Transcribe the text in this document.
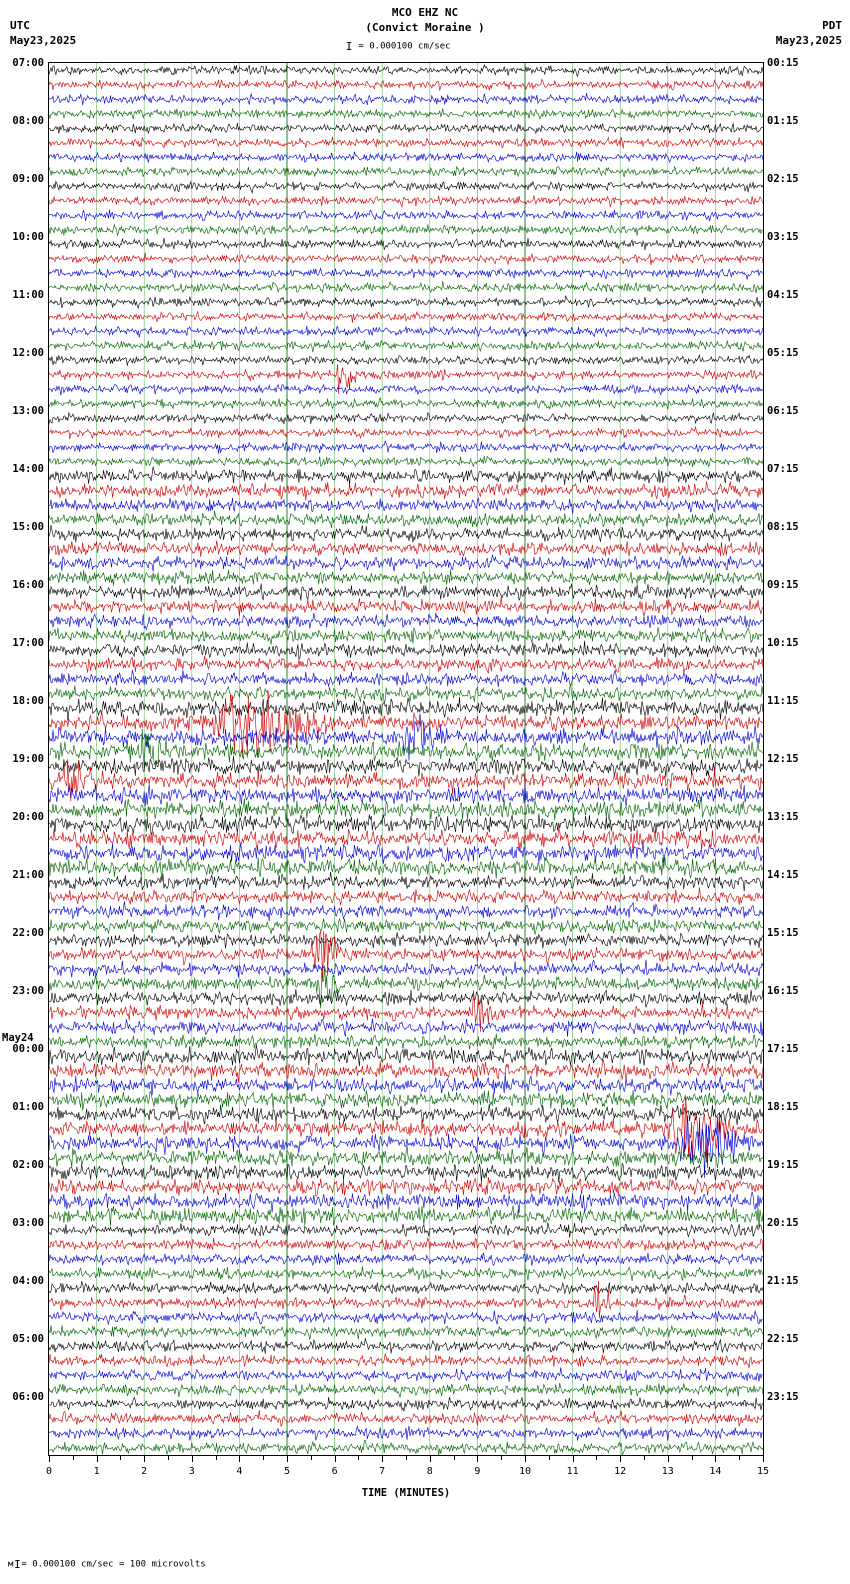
UTC
May23,2025
MCO EHZ NC
(Convict Moraine )
I = 0.000100 cm/sec
PDT
May23,2025
07:00
08:00
09:00
10:00
11:00
12:00
13:00
14:00
15:00
16:00
17:00
18:00
19:00
20:00
21:00
22:00
23:00
00:00
01:00
02:00
03:00
04:00
05:00
06:00
May24
00:15
01:15
02:15
03:15
04:15
05:15
06:15
07:15
08:15
09:15
10:15
11:15
12:15
13:15
14:15
15:15
16:15
17:15
18:15
19:15
20:15
21:15
22:15
23:15
0	1	2	3	4	5	6	7	8	9	10	11	12	13	14	15
TIME (MINUTES)
мI= 0.000100 cm/sec = 100 microvolts
